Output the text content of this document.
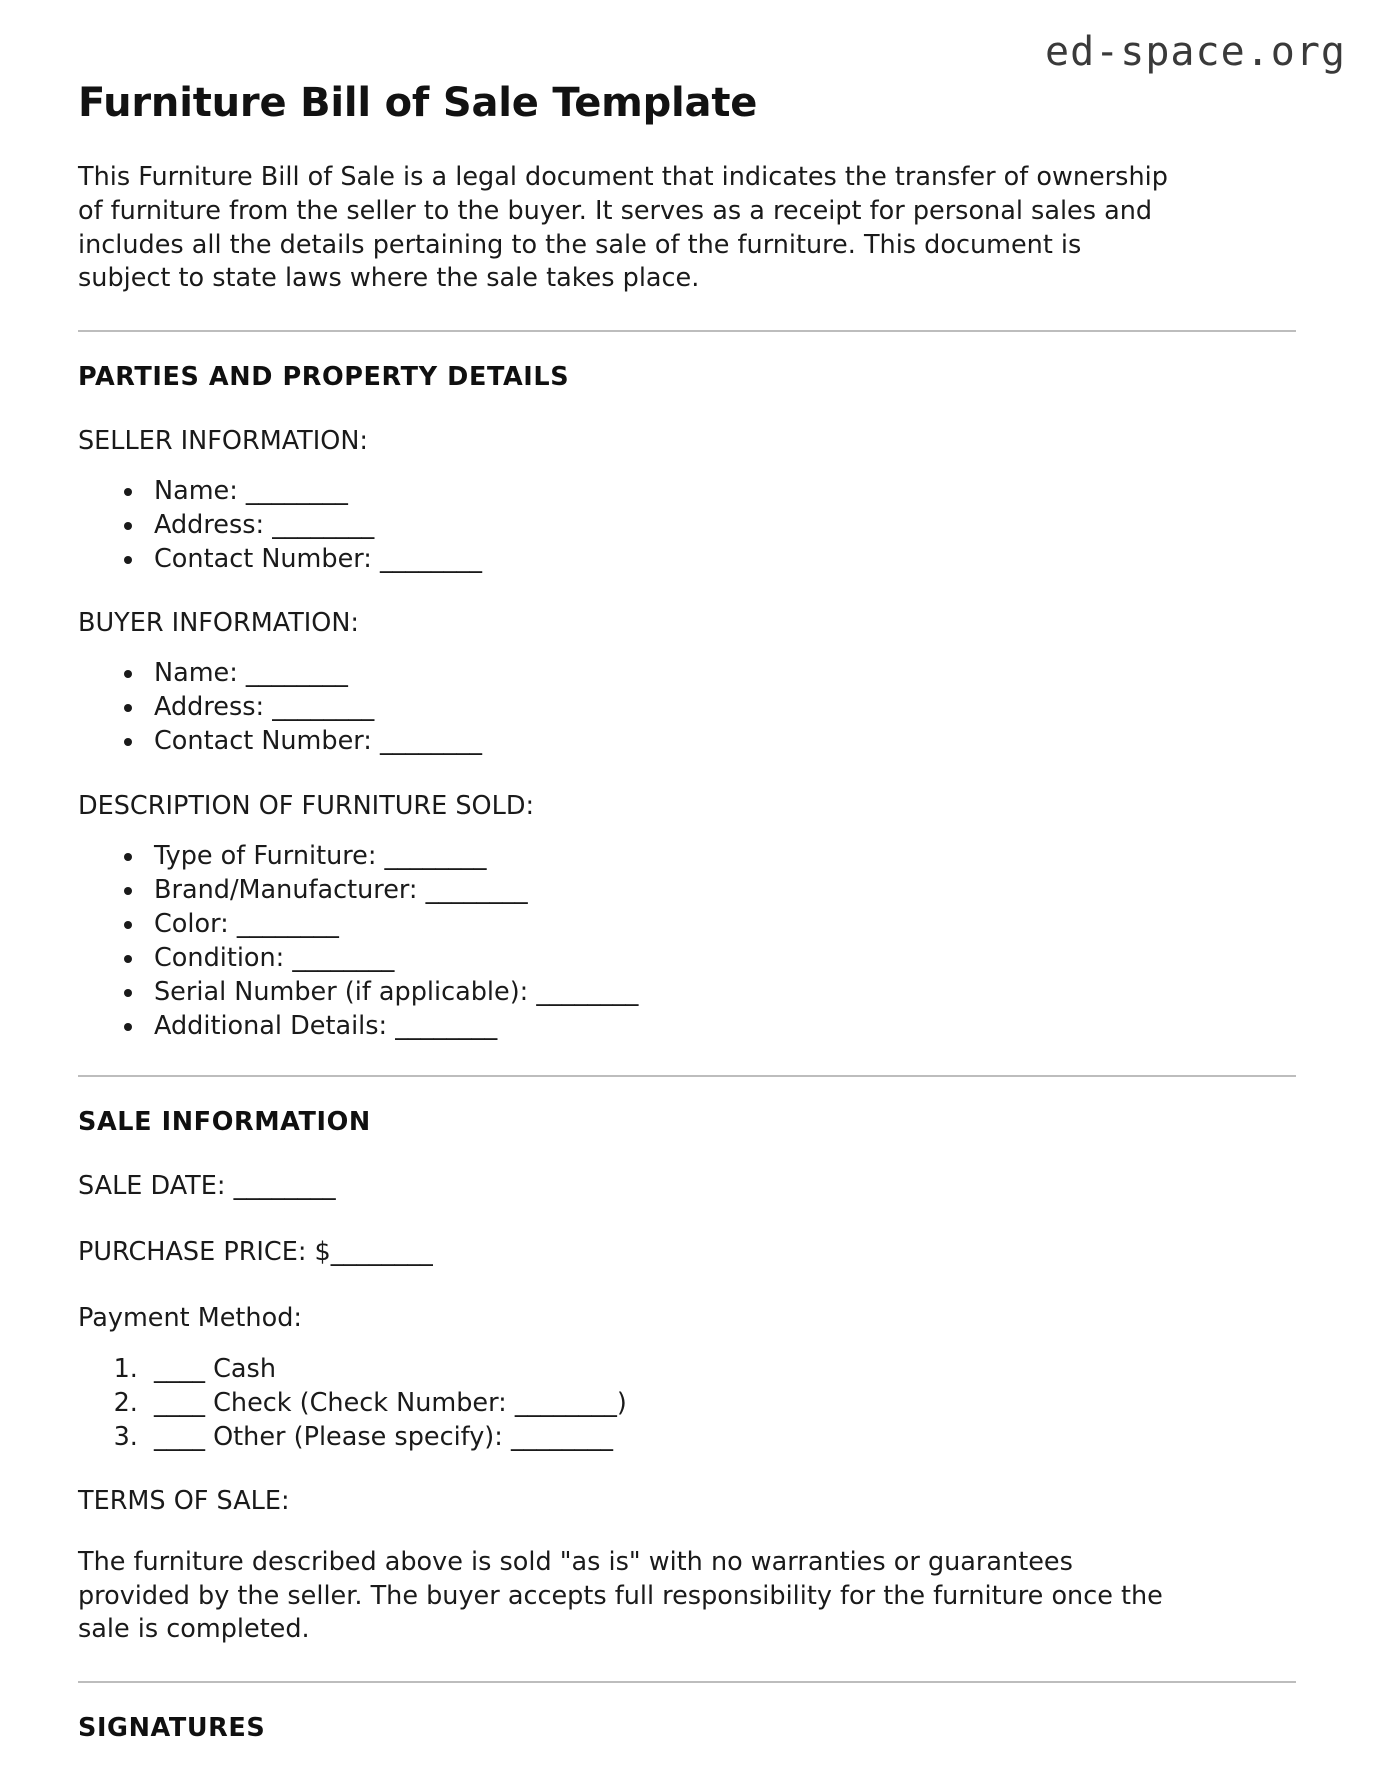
ed-space.org
Furniture Bill of Sale Template

This Furniture Bill of Sale is a legal document that indicates the transfer of ownership of furniture from the seller to the buyer. It serves as a receipt for personal sales and includes all the details pertaining to the sale of the furniture. This document is subject to state laws where the sale takes place.

PARTIES AND PROPERTY DETAILS

SELLER INFORMATION:

• Name: ________
• Address: ________
• Contact Number: ________

BUYER INFORMATION:

• Name: ________
• Address: ________
• Contact Number: ________

DESCRIPTION OF FURNITURE SOLD:

• Type of Furniture: ________
• Brand/Manufacturer: ________
• Color: ________
• Condition: ________
• Serial Number (if applicable): ________
• Additional Details: ________
SALE INFORMATION

SALE DATE: ________

PURCHASE PRICE: $________

Payment Method:

1. ____ Cash
2. ____ Check (Check Number: ________)
3. ____ Other (Please specify): ________

TERMS OF SALE:

The furniture described above is sold "as is" with no warranties or guarantees provided by the seller. The buyer accepts full responsibility for the furniture once the sale is completed.

SIGNATURES
